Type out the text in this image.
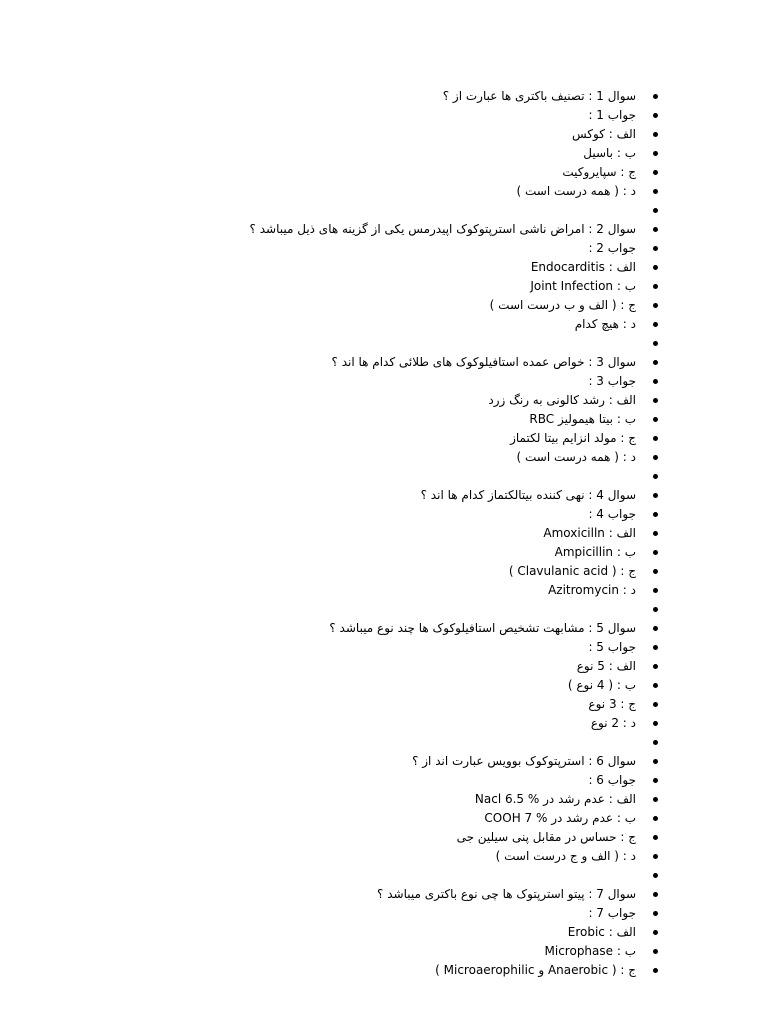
سوال 1 : تصنیف باکتری ها عبارت از ؟
جواب 1 :
الف : کوکس
ب : باسیل
ج : سپایروکیت
د : ( همه درست است )
سوال 2 : امراض ناشی استرپتوکوک اپیدرمس یکی از گزینه های ذیل میباشد ؟
جواب 2 :
الف : Endocarditis
ب : Joint Infection
ج : ( الف و ب درست است )
د : هیچ کدام
سوال 3 : خواص عمده استافیلوکوک های طلائی کدام ها اند ؟
جواب 3 :
الف : رشد کالونی به رنگ زرد
ب : بیتا هیمولیز RBC
ج : مولد انزایم بیتا لکتماز
د : ( همه درست است )
سوال 4 : نهی کننده بیتالکتماز کدام ها اند ؟
جواب 4 :
الف : Amoxicilln
ب : Ampicillin
ج : ( Clavulanic acid )
د : Azitromycin
سوال 5 : مشابهت تشخیص استافیلوکوک ها چند نوع میباشد ؟
جواب 5 :
الف : 5 نوع
ب : ( 4 نوع )
ج : 3 نوع
د : 2 نوع
سوال 6 : استرپتوکوک بوویس عبارت اند از ؟
جواب 6 :
الف : عدم رشد در % 6.5 Nacl
ب : عدم رشد در % 7 COOH
ج : حساس در مقابل پنی سیلین جی
د : ( الف و ج درست است )
سوال 7 : پیتو استرپتوک ها چی نوع باکتری میباشد ؟
جواب 7 :
الف : Erobic
ب : Microphase
ج : ( Anaerobic و Microaerophilic )
